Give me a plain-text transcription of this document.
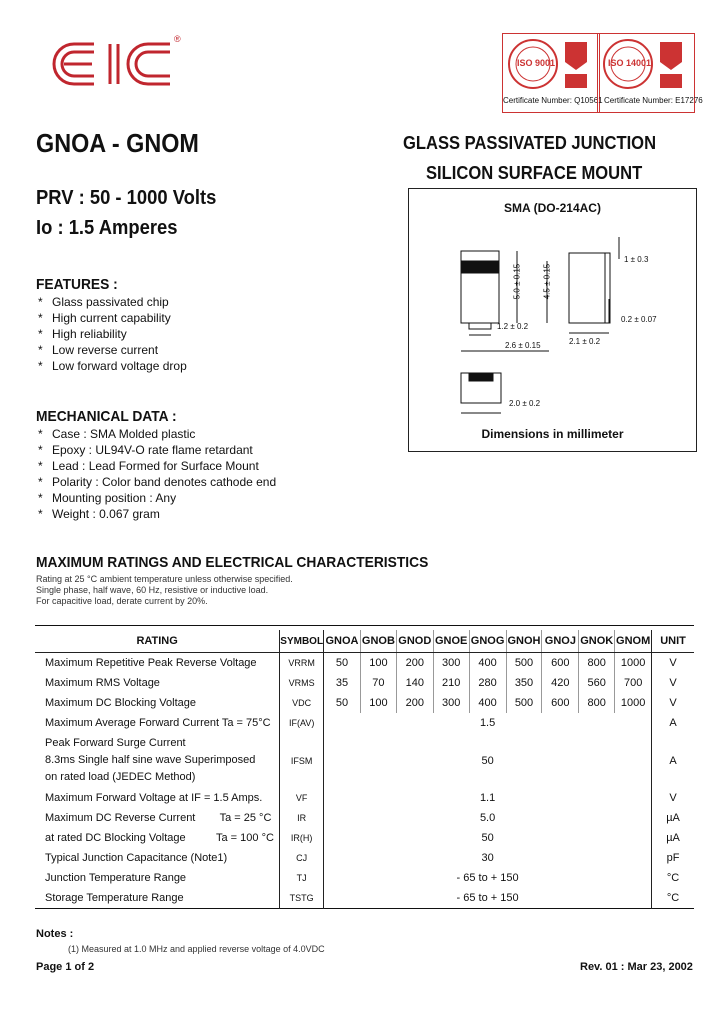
®
ISO 9001
Certificate Number: Q10561
ISO 14001
Certificate Number: E17276
GNOA - GNOM	GLASS PASSIVATED JUNCTION
SILICON SURFACE MOUNT
PRV : 50 - 1000 Volts
Io : 1.5 Amperes
FEATURES :
* Glass passivated chip
* High current capability
* High reliability
* Low reverse current
* Low forward voltage drop
MECHANICAL DATA :
* Case : SMA Molded plastic
* Epoxy : UL94V-O rate flame retardant
* Lead : Lead Formed for Surface Mount
* Polarity : Color band denotes cathode end
* Mounting position : Any
* Weight : 0.067 gram
SMA (DO-214AC)
1 ± 0.3
5.0 ± 0.15	4.5 ± 0.15
1.2 ± 0.2
2.6 ± 0.15	2.1 ± 0.2
0.2 ± 0.07
2.0 ± 0.2
Dimensions in millimeter
MAXIMUM RATINGS AND ELECTRICAL CHARACTERISTICS
Rating at 25 °C ambient temperature unless otherwise specified.
Single phase, half wave, 60 Hz, resistive or inductive load.
For capacitive load, derate current by 20%.
RATING	SYMBOL	GNOA	GNOB	GNOD	GNOE	GNOG	GNOH	GNOJ	GNOK	GNOM	UNIT
Maximum Repetitive Peak Reverse Voltage	VRRM	50	100	200	300	400	500	600	800	1000	V
Maximum RMS Voltage	VRMS	35	70	140	210	280	350	420	560	700	V
Maximum DC Blocking Voltage	VDC	50	100	200	300	400	500	600	800	1000	V
Maximum Average Forward Current Ta = 75°C	IF(AV)	1.5									A

Peak Forward Surge Current
8.3ms Single half sine wave Superimposed
on rated load (JEDEC Method)	IFSM	50									A
Maximum Forward Voltage at IF = 1.5 Amps.	VF	1.1									V
Maximum DC Reverse Current        Ta = 25 °C	IR	5.0									µA
at rated DC Blocking Voltage          Ta = 100 °C	IR(H)	50									µA
Typical Junction Capacitance (Note1)	CJ	30									pF
Junction Temperature Range	TJ	- 65 to + 150									°C
Storage Temperature Range	TSTG	- 65 to + 150									°C
Notes :
(1) Measured at 1.0 MHz and applied reverse voltage of 4.0VDC
Page 1 of 2	Rev. 01 : Mar 23, 2002
